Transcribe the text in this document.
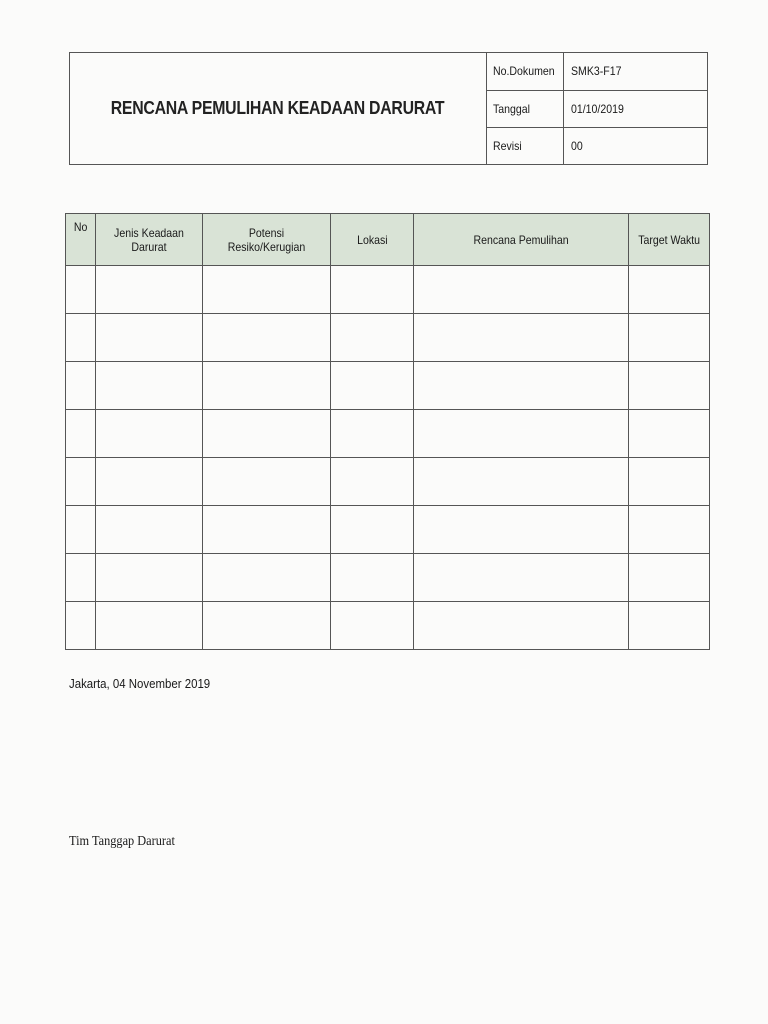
RENCANA PEMULIHAN KEADAAN DARURAT
No.Dokumen	SMK3-F17
Tanggal	01/10/2019
Revisi	00
No	Jenis Keadaan Darurat	Potensi Resiko/Kerugian	Lokasi	Rencana Pemulihan	Target Waktu

Jakarta, 04 November 2019
Tim Tanggap Darurat
